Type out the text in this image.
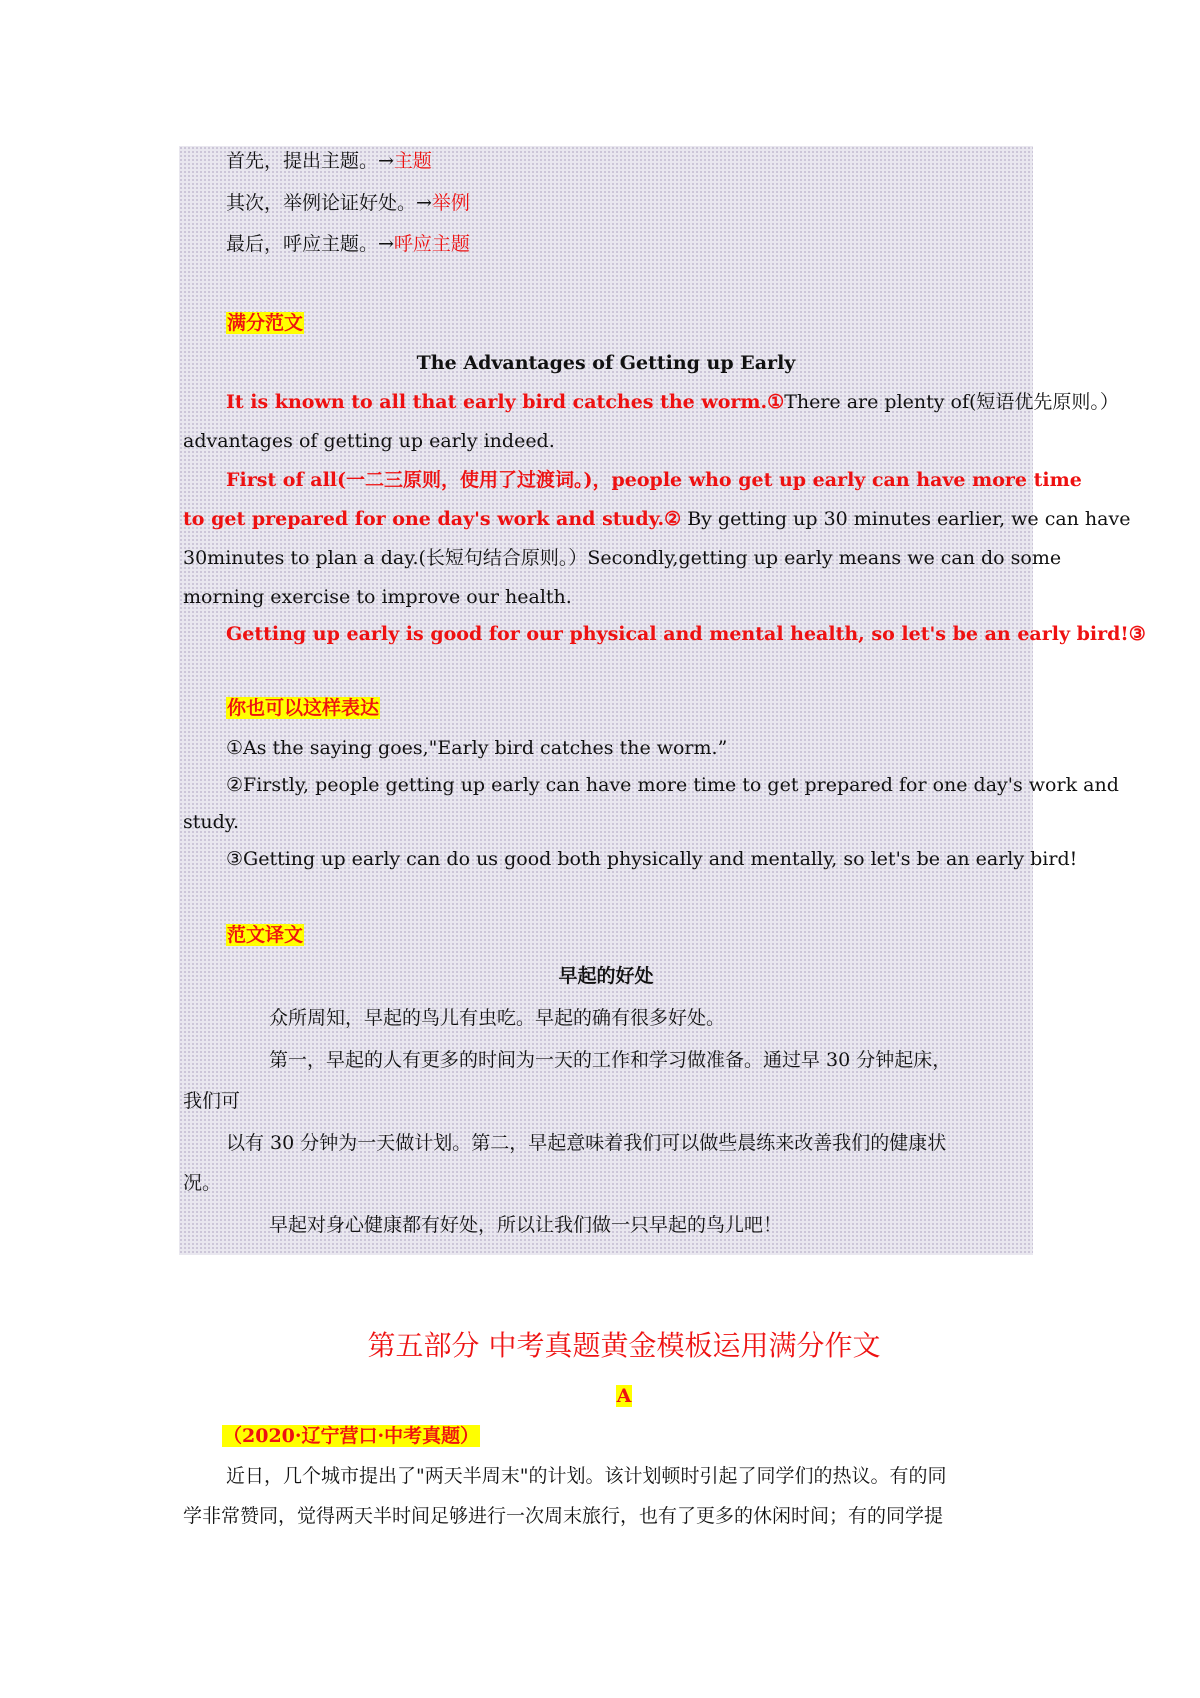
首先，提出主题。→主题
其次，举例论证好处。→举例
最后，呼应主题。→呼应主题
满分范文
The Advantages of Getting up Early
It is known to all that early bird catches the worm.①There are plenty of(短语优先原则。）
advantages of getting up early indeed.
First of all(一二三原则，使用了过渡词。)，people who get up early can have more time
to get prepared for one day's work and study.② By getting up 30 minutes earlier, we can have
30minutes to plan a day.(长短句结合原则。）Secondly,getting up early means we can do some
morning exercise to improve our health.
Getting up early is good for our physical and mental health, so let's be an early bird!③
你也可以这样表达
①As the saying goes,"Early bird catches the worm.”
②Firstly, people getting up early can have more time to get prepared for one day's work and
study.
③Getting up early can do us good both physically and mentally, so let's be an early bird!
范文译文
早起的好处
众所周知，早起的鸟儿有虫吃。早起的确有很多好处。
第一，早起的人有更多的时间为一天的工作和学习做准备。通过早 30 分钟起床，
我们可
以有 30 分钟为一天做计划。第二，早起意味着我们可以做些晨练来改善我们的健康状
况。
早起对身心健康都有好处，所以让我们做一只早起的鸟儿吧！
第五部分 中考真题黄金模板运用满分作文
A
（2020·辽宁营口·中考真题）
近日，几个城市提出了"两天半周末"的计划。该计划顿时引起了同学们的热议。有的同
学非常赞同，觉得两天半时间足够进行一次周末旅行，也有了更多的休闲时间；有的同学提
